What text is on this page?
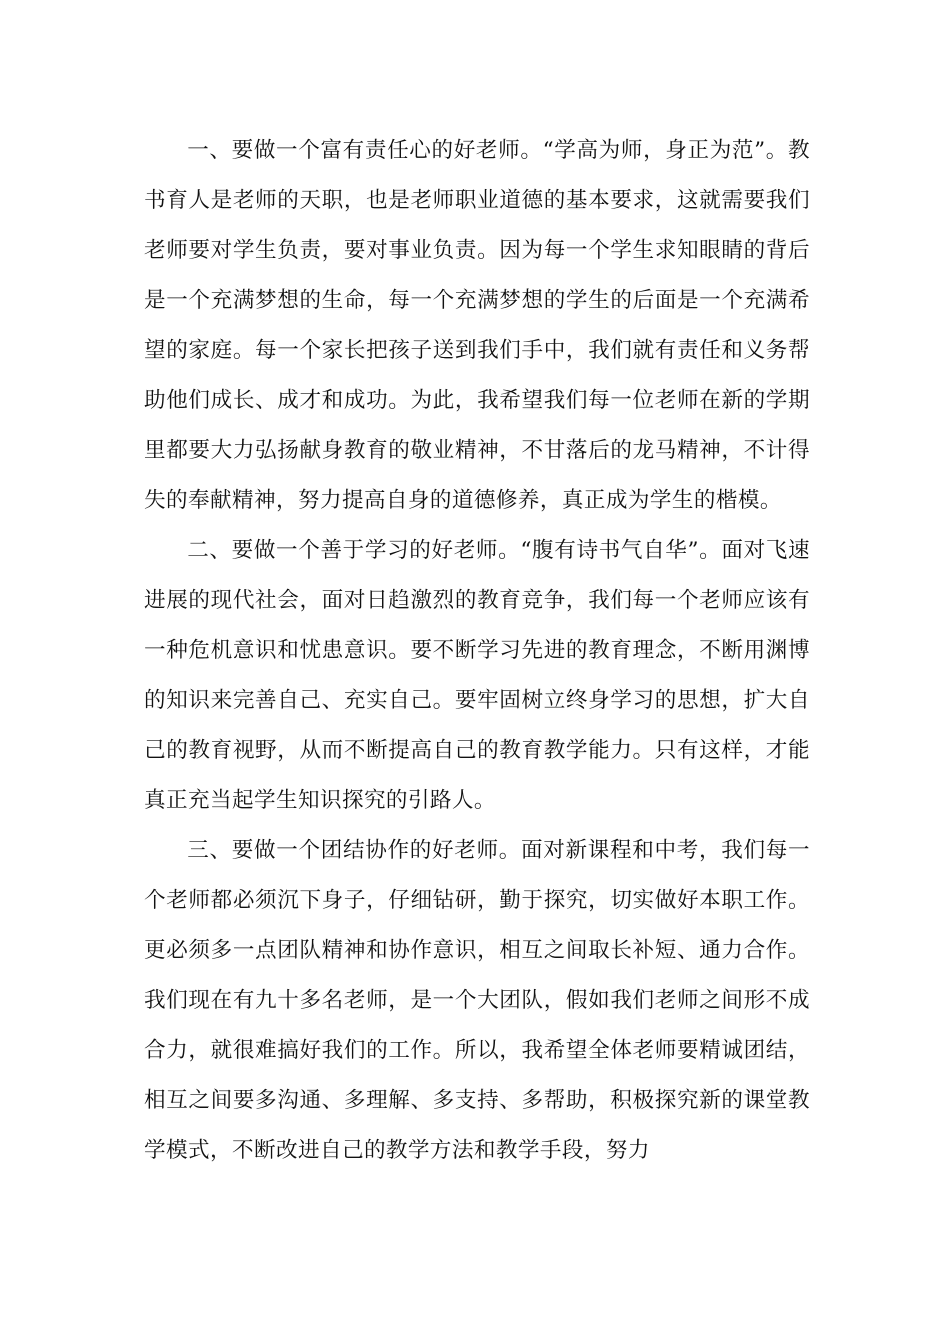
一、要做一个富有责任心的好老师。“学高为师，身正为范”。教书育人是老师的天职，也是老师职业道德的基本要求，这就需要我们老师要对学生负责，要对事业负责。因为每一个学生求知眼睛的背后是一个充满梦想的生命，每一个充满梦想的学生的后面是一个充满希望的家庭。每一个家长把孩子送到我们手中，我们就有责任和义务帮助他们成长、成才和成功。为此，我希望我们每一位老师在新的学期里都要大力弘扬献身教育的敬业精神，不甘落后的龙马精神，不计得失的奉献精神，努力提高自身的道德修养，真正成为学生的楷模。

二、要做一个善于学习的好老师。“腹有诗书气自华”。面对飞速进展的现代社会，面对日趋激烈的教育竞争，我们每一个老师应该有一种危机意识和忧患意识。要不断学习先进的教育理念，不断用渊博的知识来完善自己、充实自己。要牢固树立终身学习的思想，扩大自己的教育视野，从而不断提高自己的教育教学能力。只有这样，才能真正充当起学生知识探究的引路人。

三、要做一个团结协作的好老师。面对新课程和中考，我们每一个老师都必须沉下身子，仔细钻研，勤于探究，切实做好本职工作。更必须多一点团队精神和协作意识，相互之间取长补短、通力合作。我们现在有九十多名老师，是一个大团队，假如我们老师之间形不成合力，就很难搞好我们的工作。所以，我希望全体老师要精诚团结，相互之间要多沟通、多理解、多支持、多帮助，积极探究新的课堂教学模式，不断改进自己的教学方法和教学手段，努力
